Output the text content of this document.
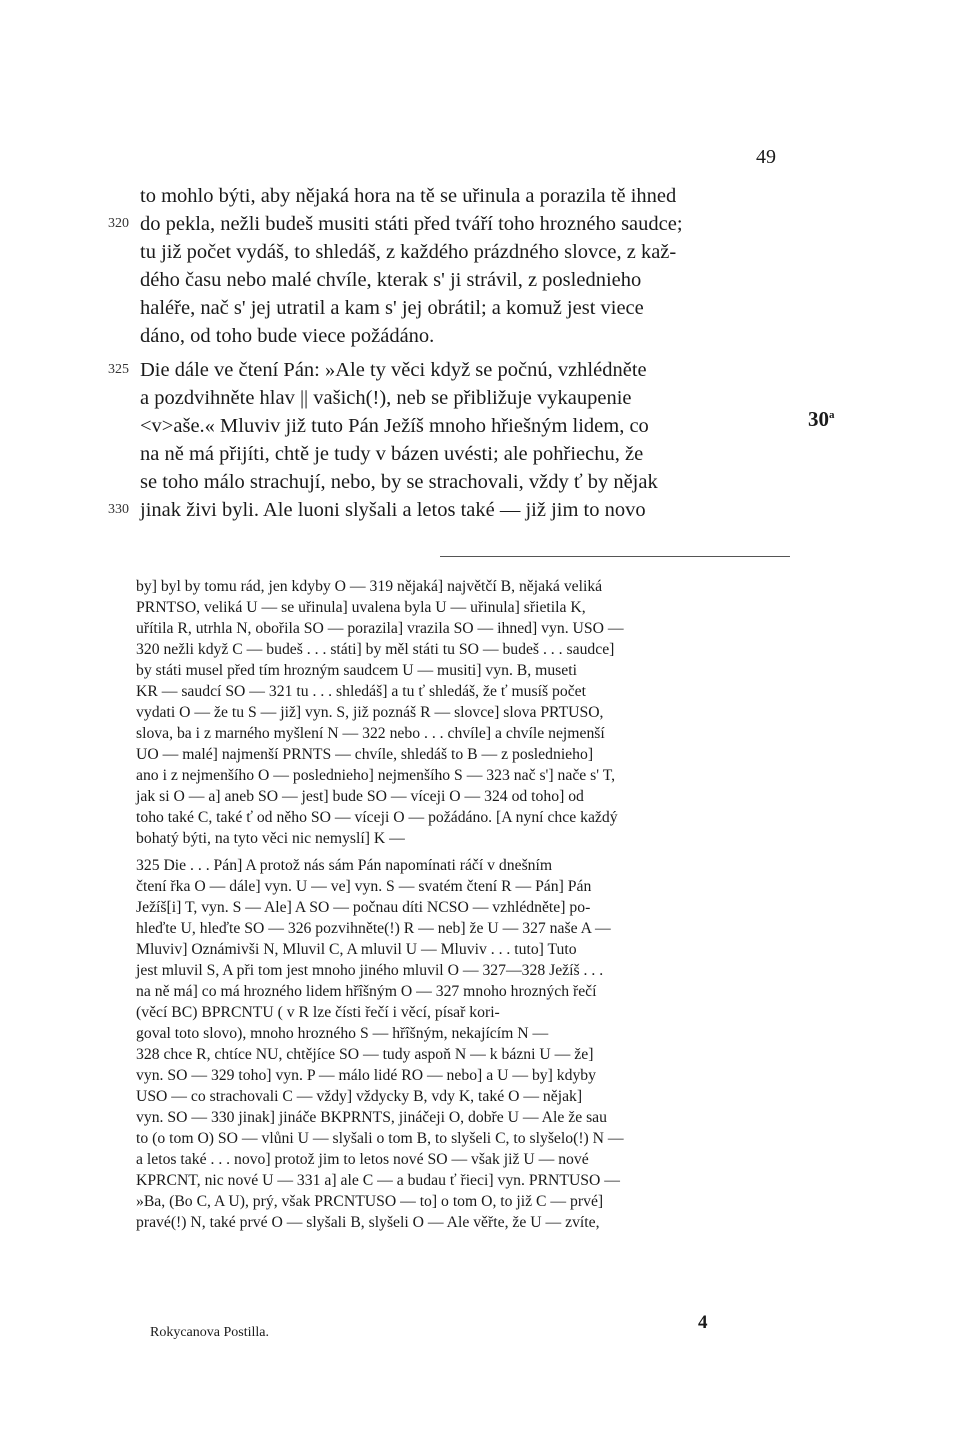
49
to mohlo býti, aby nějaká hora na tě se uřinula a porazila tě ihned
320 do pekla, nežli budeš musiti státi před tváří toho hrozného saudce;
tu již počet vydáš, to shledáš, z každého prázdného slovce, z kaž-
dého času nebo malé chvíle, kterak s' ji strávil, z poslednieho
haléře, nač s' jej utratil a kam s' jej obrátil; a komuž jest viece
dáno, od toho bude viece požádáno.
325 Die dále ve čtení Pán: »Ale ty věci když se počnú, vzhlédněte
a pozdvihněte hlav || vašich(!), neb se přibližuje vykaupenie
<v>aše.« Mluviv již tuto Pán Ježíš mnoho hřiešným lidem, co
na ně má přijíti, chtě je tudy v bázen uvésti; ale pohřiechu, že
se toho málo strachují, nebo, by se strachovali, vždy ť by nějak
330 jinak živi byli. Ale luoni slyšali a letos také — již jim to novo
30$^a$
by] byl by tomu rád, jen kdyby O — 319 nějaká] najvětčí B, nějaká veliká
PRNTSO, veliká U — se uřinula] uvalena byla U — uřinula] sřietila K,
uřítila R, utrhla N, obořila SO — porazila] vrazila SO — ihned] vyn. USO —
320 nežli když C — budeš . . . státi] by měl státi tu SO — budeš . . . saudce]
by státi musel před tím hrozným saudcem U — musiti] vyn. B, museti
KR — saudcí SO — 321 tu . . . shledáš] a tu ť shledáš, že ť musíš počet
vydati O — že tu S — již] vyn. S, již poznáš R — slovce] slova PRTUSO,
slova, ba i z marného myšlení N — 322 nebo . . . chvíle] a chvíle nejmenší
UO — malé] najmenší PRNTS — chvíle, shledáš to B — z poslednieho]
ano i z nejmenšího O — poslednieho] nejmenšího S — 323 nač s'] nače s' T,
jak si O — a] aneb SO — jest] bude SO — víceji O — 324 od toho] od
toho také C, také ť od něho SO — víceji O — požádáno. [A nyní chce každý
bohatý býti, na tyto věci nic nemyslí] K —
325 Die . . . Pán] A protož nás sám Pán napomínati ráčí v dnešním
čtení řka O — dále] vyn. U — ve] vyn. S — svatém čtení R — Pán] Pán
Ježíš[i] T, vyn. S — Ale] A SO — počnau díti NCSO — vzhlédněte] po-
hleďte U, hleďte SO — 326 pozvihněte(!) R — neb] že U — 327 naše A —
Mluviv] Oznámivši N, Mluvil C, A mluvil U — Mluviv . . . tuto] Tuto
jest mluvil S, A při tom jest mnoho jiného mluvil O — 327—328 Ježíš . . .
na ně má] co má hrozného lidem hřîšným O — 327 mnoho hrozných řečí
(věcí BC) BPRCNTU ( v R lze čísti řečí i věcí, písař kori-
goval toto slovo), mnoho hrozného S — hřîšným, nekajícím N —
328 chce R, chtíce NU, chtějíce SO — tudy aspoň N — k bázni U — že]
vyn. SO — 329 toho] vyn. P — málo lidé RO — nebo] a U — by] kdyby
USO — co strachovali C — vždy] vždycky B, vdy K, také O — nějak]
vyn. SO — 330 jinak] jináče BKPRNTS, jináčeji O, dobře U — Ale že sau
to (o tom O) SO — vlůni U — slyšali o tom B, to slyšeli C, to slyšelo(!) N —
a letos také . . . novo] protož jim to letos nové SO — však již U — nové
KPRCNT, nic nové U — 331 a] ale C — a budau ť řieci] vyn. PRNTUSO —
»Ba, (Bo C, A U), prý, však PRCNTUSO — to] o tom O, to již C — prvé]
pravé(!) N, také prvé O — slyšali B, slyšeli O — Ale věřte, že U — zvíte,
Rokycanova Postilla.	4
